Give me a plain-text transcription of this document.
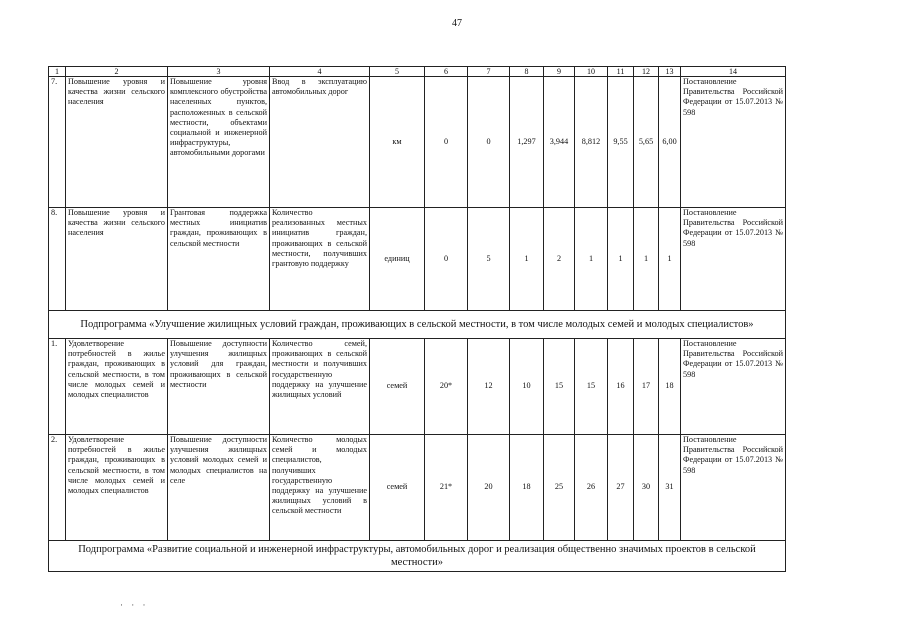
47
1	2	3	4	5	6	7	8	9	10	11	12	13	14
7.	Повышение уровня и качества жизни сельского населения	Повышение уровня комплексного обустройства населенных пунктов, расположенных в сельской местности, объектами социальной и инженерной инфраструктуры, автомобильными дорогами	Ввод в эксплуатацию автомобильных дорог	км	0	0	1,297	3,944	8,812	9,55	5,65	6,00	Постановление Правительства Российской Федерации от 15.07.2013 № 598
8.	Повышение уровня и качества жизни сельского населения	Грантовая поддержка местных инициатив граждан, проживающих в сельской местности	Количество реализованных местных инициатив граждан, проживающих в сельской местности, получивших грантовую поддержку	единиц	0	5	1	2	1	1	1	1	Постановление Правительства Российской Федерации от 15.07.2013 № 598
Подпрограмма «Улучшение жилищных условий граждан, проживающих в сельской местности, в том числе молодых семей и молодых специалистов»													
1.	Удовлетворение потребностей в жилье граждан, проживающих в сельской местности, в том числе молодых семей и молодых специалистов	Повышение доступности улучшения жилищных условий для граждан, проживающих в сельской местности	Количество семей, проживающих в сельской местности и получивших государственную поддержку на улучшение жилищных условий	семей	20*	12	10	15	15	16	17	18	Постановление Правительства Российской Федерации от 15.07.2013 № 598
2.	Удовлетворение потребностей в жилье граждан, проживающих в сельской местности, в том числе молодых семей и молодых специалистов	Повышение доступности улучшения жилищных условий молодых семей и молодых специалистов на селе	Количество молодых семей и молодых специалистов, получивших государственную поддержку на улучшение жилищных условий в сельской местности	семей	21*	20	18	25	26	27	30	31	Постановление Правительства Российской Федерации от 15.07.2013 № 598
Подпрограмма «Развитие социальной и инженерной инфраструктуры, автомобильных дорог и реализация общественно значимых проектов в сельской местности»													
· · ·
